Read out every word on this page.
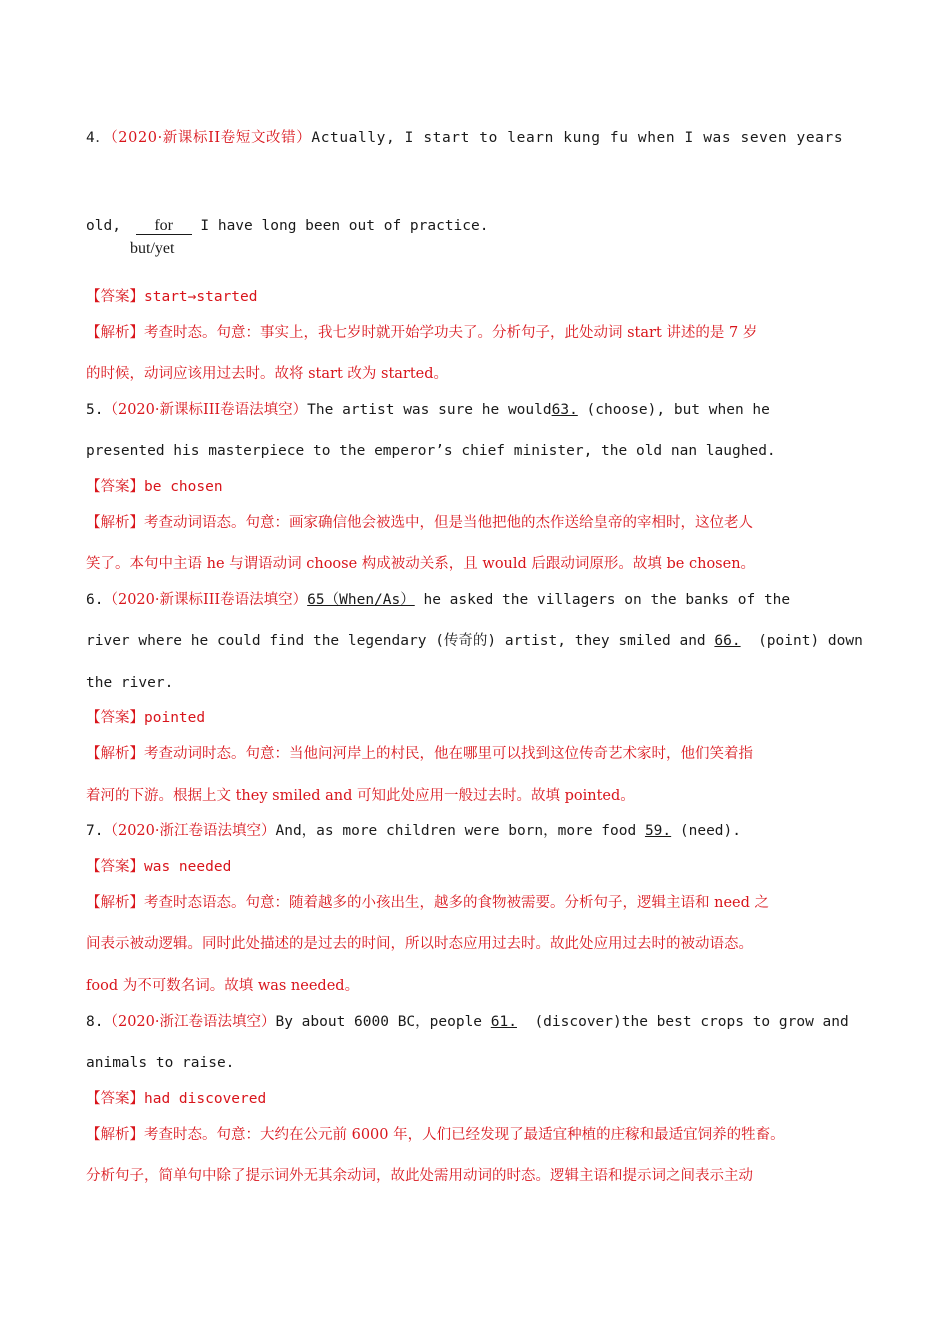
4．（2020·新课标II卷短文改错）Actually, I start to learn kung fu when I was seven years
old, for I have long been out of practice.
but/yet
【答案】start→started
【解析】考查时态。句意：事实上，我七岁时就开始学功夫了。分析句子，此处动词 start 讲述的是 7 岁
的时候，动词应该用过去时。故将 start 改为 started。
5.（2020·新课标III卷语法填空）The artist was sure he would63. (choose), but when he
presented his masterpiece to the emperor’s chief minister, the old nan laughed.
【答案】be chosen
【解析】考查动词语态。句意：画家确信他会被选中，但是当他把他的杰作送给皇帝的宰相时，这位老人
笑了。本句中主语 he 与谓语动词 choose 构成被动关系，且 would 后跟动词原形。故填 be chosen。
6.（2020·新课标III卷语法填空）65（When/As） he asked the villagers on the banks of the
river where he could find the legendary (传奇的) artist, they smiled and 66. (point) down
the river.
【答案】pointed
【解析】考查动词时态。句意：当他问河岸上的村民，他在哪里可以找到这位传奇艺术家时，他们笑着指
着河的下游。根据上文 they smiled and 可知此处应用一般过去时。故填 pointed。
7.（2020·浙江卷语法填空）And，as more children were born，more food 59. (need).
【答案】was needed
【解析】考查时态语态。句意：随着越多的小孩出生，越多的食物被需要。分析句子，逻辑主语和 need 之
间表示被动逻辑。同时此处描述的是过去的时间，所以时态应用过去时。故此处应用过去时的被动语态。
food 为不可数名词。故填 was needed。
8.（2020·浙江卷语法填空）By about 6000 BC，people 61. (discover)the best crops to grow and
animals to raise.
【答案】had discovered
【解析】考查时态。句意：大约在公元前 6000 年，人们已经发现了最适宜种植的庄稼和最适宜饲养的牲畜。
分析句子，简单句中除了提示词外无其余动词，故此处需用动词的时态。逻辑主语和提示词之间表示主动
